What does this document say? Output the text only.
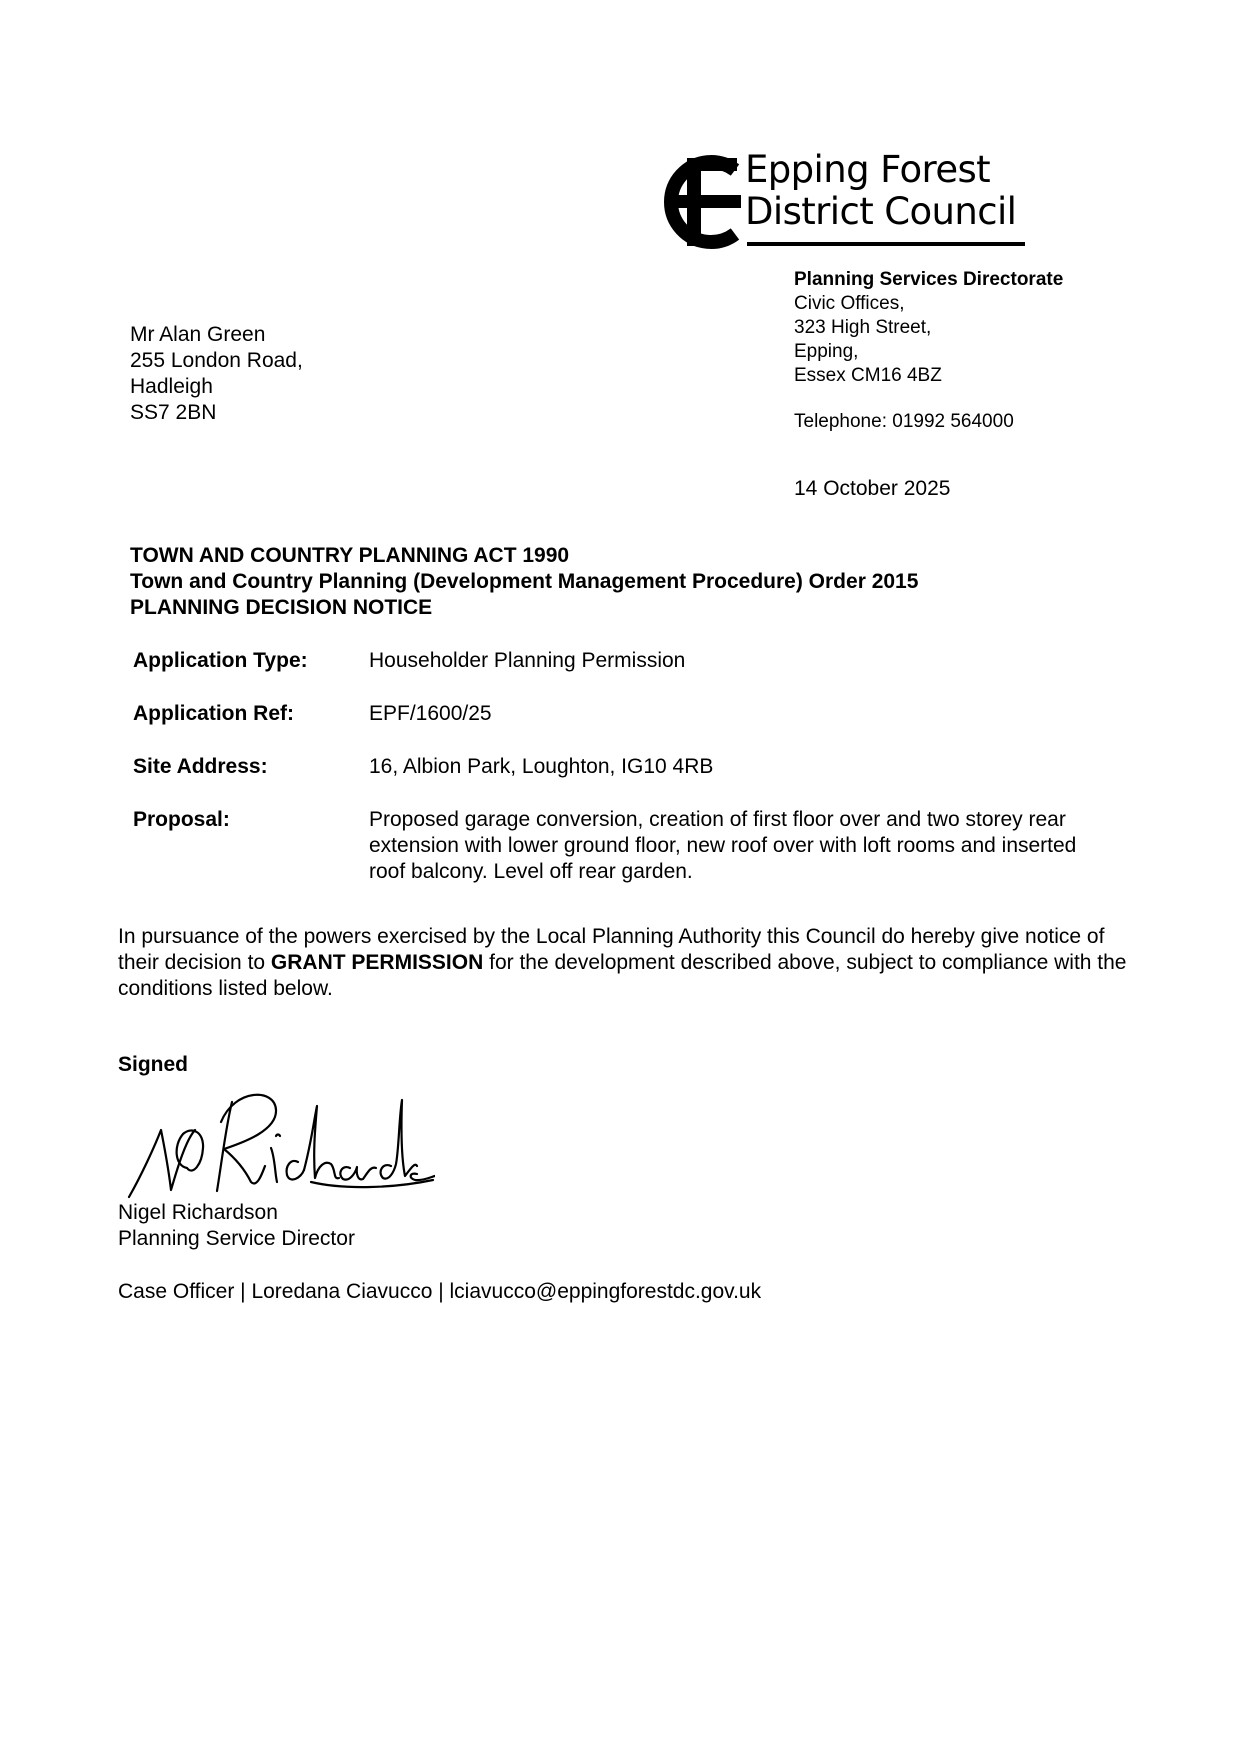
Epping Forest
District Council
Planning Services Directorate
Civic Offices,
323 High Street,
Epping,
Essex CM16 4BZ
Telephone: 01992 564000
14 October 2025
Mr Alan Green
255 London Road,
Hadleigh
SS7 2BN
TOWN AND COUNTRY PLANNING ACT 1990
Town and Country Planning (Development Management Procedure) Order 2015
PLANNING DECISION NOTICE
Application Type:	Householder Planning Permission
Application Ref:	EPF/1600/25
Site Address:	16, Albion Park, Loughton, IG10 4RB
Proposal:	Proposed garage conversion, creation of first floor over and two storey rear extension with lower ground floor, new roof over with loft rooms and inserted roof balcony. Level off rear garden.
In pursuance of the powers exercised by the Local Planning Authority this Council do hereby give notice of their decision to GRANT PERMISSION for the development described above, subject to compliance with the conditions listed below.
Signed
Nigel Richardson
Planning Service Director
Case Officer | Loredana Ciavucco | lciavucco@eppingforestdc.gov.uk
